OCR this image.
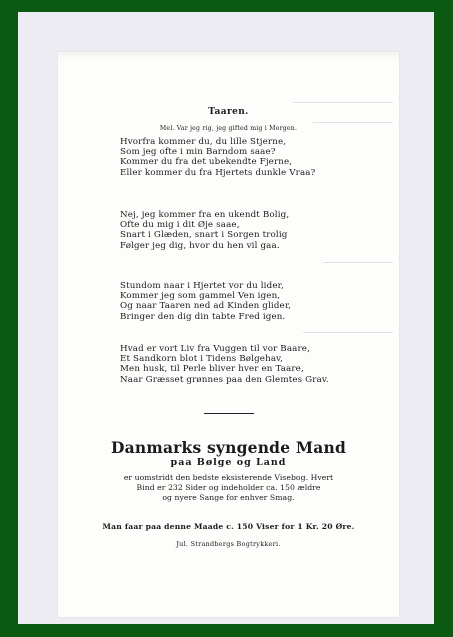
Taaren.
Mel. Var jeg rig, jeg gifted mig i Morgen.
Hvorfra kommer du, du lille Stjerne,
Som jeg ofte i min Barndom saae?
Kommer du fra det ubekendte Fjerne,
Eller kommer du fra Hjertets dunkle Vraa?
Nej, jeg kommer fra en ukendt Bolig,
Ofte du mig i dit Øje saae,
Snart i Glæden, snart i Sorgen trolig
Følger jeg dig, hvor du hen vil gaa.
Stundom naar i Hjertet vor du lider,
Kommer jeg som gammel Ven igen,
Og naar Taaren ned ad Kinden glider,
Bringer den dig din tabte Fred igen.
Hvad er vort Liv fra Vuggen til vor Baare,
Et Sandkorn blot i Tidens Bølgehav,
Men husk, til Perle bliver hver en Taare,
Naar Græsset grønnes paa den Glemtes Grav.
Danmarks syngende Mand
paa Bølge og Land
er uomstridt den bedste eksisterende Visebog. Hvert
Bind er 232 Sider og indeholder ca. 150 ældre
og nyere Sange for enhver Smag.
Man faar paa denne Maade c. 150 Viser for 1 Kr. 20 Øre.
Jul. Strandbergs Bogtrykkeri.
